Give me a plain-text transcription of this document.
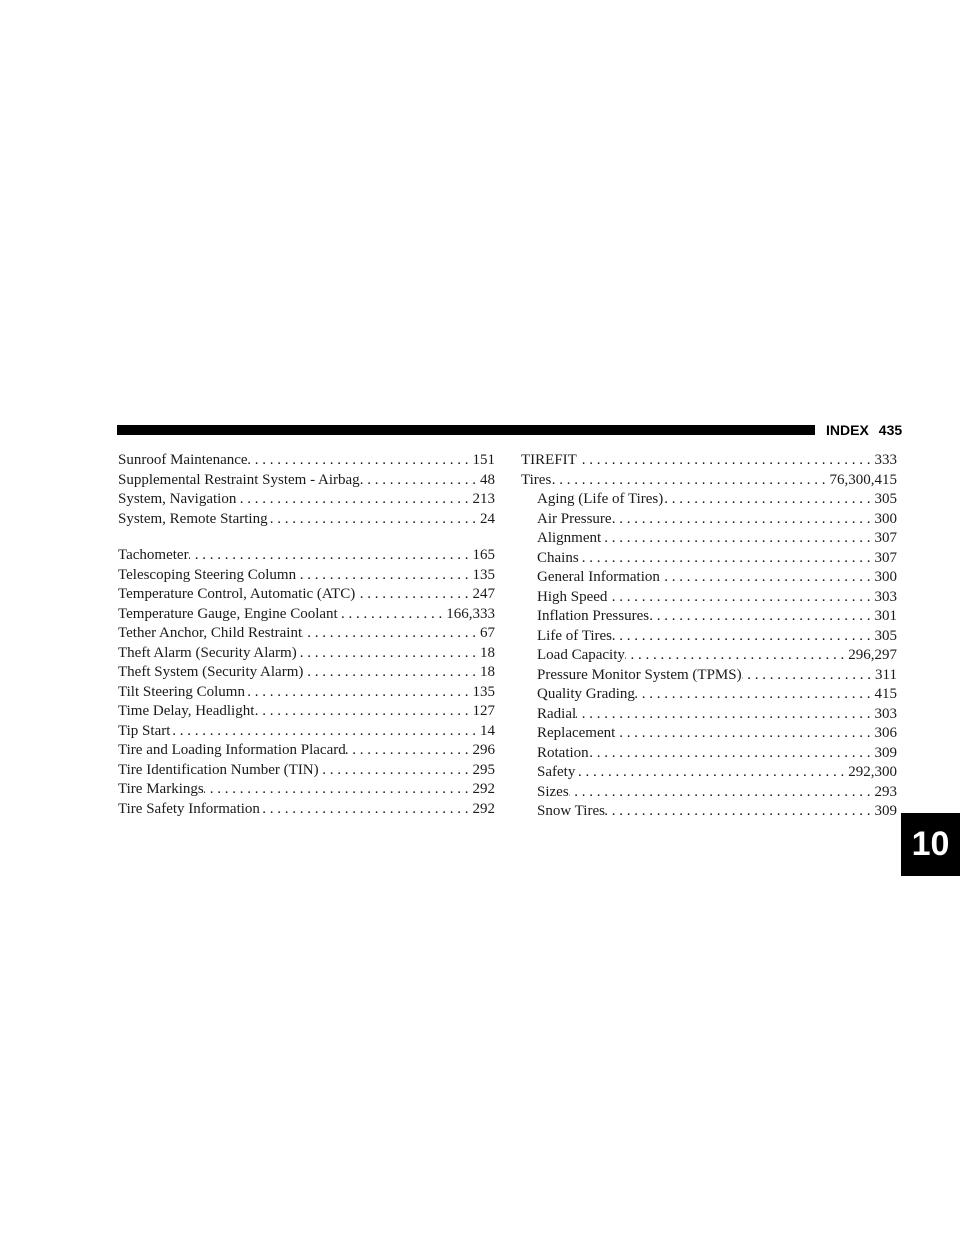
INDEX 435
Sunroof Maintenance . . .	151
Supplemental Restraint System - Airbag . . .	48
System, Navigation . . .	213
System, Remote Starting . . .	24
Tachometer . . .	165
Telescoping Steering Column . . .	135
Temperature Control, Automatic (ATC) . . .	247
Temperature Gauge, Engine Coolant . . .	166,333
Tether Anchor, Child Restraint . . .	67
Theft Alarm (Security Alarm) . . .	18
Theft System (Security Alarm) . . .	18
Tilt Steering Column . . .	135
Time Delay, Headlight . . .	127
Tip Start . . .	14
Tire and Loading Information Placard . . .	296
Tire Identification Number (TIN) . . .	295
Tire Markings . . .	292
Tire Safety Information . . .	292
TIREFIT . . .	333
Tires . . .	76,300,415
Aging (Life of Tires) . . .	305
Air Pressure . . .	300
Alignment . . .	307
Chains . . .	307
General Information . . .	300
High Speed . . .	303
Inflation Pressures . . .	301
Life of Tires . . .	305
Load Capacity . . .	296,297
Pressure Monitor System (TPMS) . . .	311
Quality Grading . . .	415
Radial . . .	303
Replacement . . .	306
Rotation . . .	309
Safety . . .	292,300
Sizes . . .	293
Snow Tires . . .	309
10
